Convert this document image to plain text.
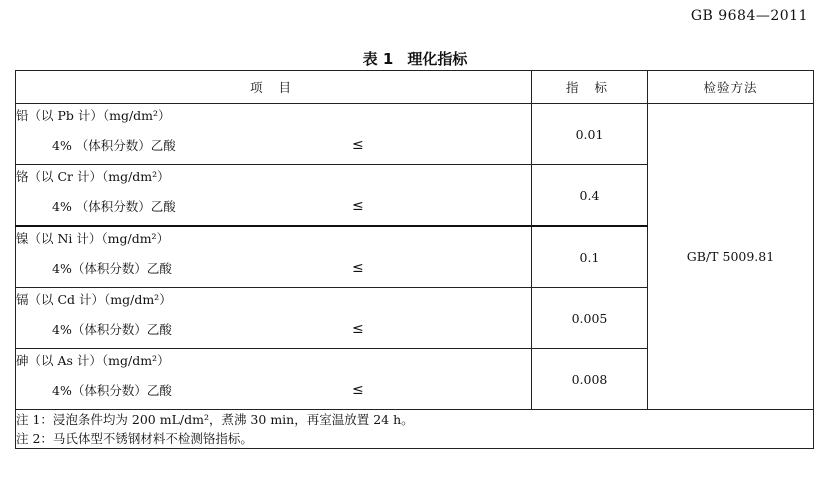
GB 9684—2011
表 1 理化指标
项 目	指 标	检验方法

铅（以 Pb 计）（mg/dm²）
4% （体积分数）乙酸 ≤	0.01	GB/T 5009.81

铬（以 Cr 计）（mg/dm²）
4% （体积分数）乙酸 ≤	0.4	

镍（以 Ni 计）（mg/dm²）
4%（体积分数）乙酸 ≤	0.1	

镉（以 Cd 计）（mg/dm²）
4%（体积分数）乙酸 ≤	0.005	

砷（以 As 计）（mg/dm²）
4%（体积分数）乙酸 ≤	0.008	

注 1：浸泡条件均为 200 mL/dm²，煮沸 30 min，再室温放置 24 h。
注 2：马氏体型不锈钢材料不检测铬指标。		
